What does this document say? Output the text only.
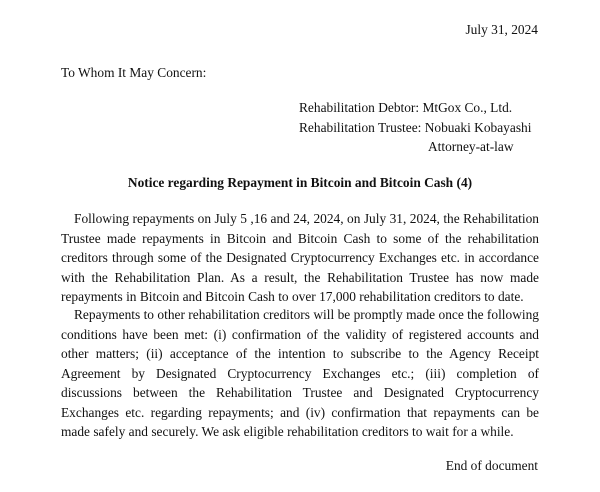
July 31, 2024
To Whom It May Concern:
Rehabilitation Debtor: MtGox Co., Ltd.
Rehabilitation Trustee: Nobuaki Kobayashi
Attorney-at-law
Notice regarding Repayment in Bitcoin and Bitcoin Cash (4)

Following repayments on July 5 ,16 and 24, 2024, on July 31, 2024, the Rehabilitation Trustee made repayments in Bitcoin and Bitcoin Cash to some of the rehabilitation creditors through some of the Designated Cryptocurrency Exchanges etc. in accordance with the Rehabilitation Plan. As a result, the Rehabilitation Trustee has now made repayments in Bitcoin and Bitcoin Cash to over 17,000 rehabilitation creditors to date.

Repayments to other rehabilitation creditors will be promptly made once the following conditions have been met: (i) confirmation of the validity of registered accounts and other matters; (ii) acceptance of the intention to subscribe to the Agency Receipt Agreement by Designated Cryptocurrency Exchanges etc.; (iii) completion of discussions between the Rehabilitation Trustee and Designated Cryptocurrency Exchanges etc. regarding repayments; and (iv) confirmation that repayments can be made safely and securely. We ask eligible rehabilitation creditors to wait for a while.

End of document
